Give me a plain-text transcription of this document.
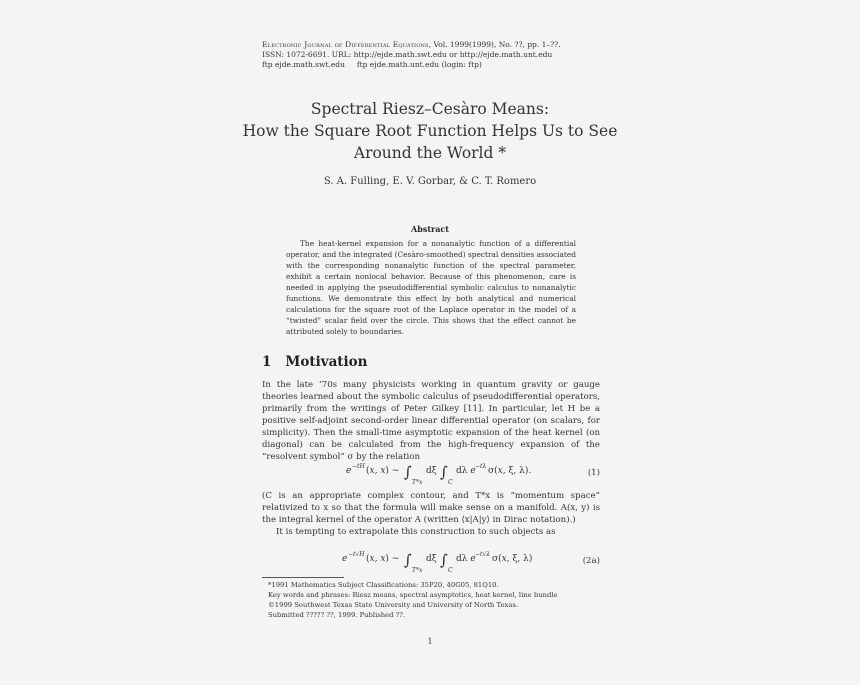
Electronic Journal of Differential Equations, Vol. 1999(1999), No. ??, pp. 1–??.
ISSN: 1072-6691. URL: http://ejde.math.swt.edu or http://ejde.math.unt.edu
ftp ejde.math.swt.edu     ftp ejde.math.unt.edu (login: ftp)
Spectral Riesz–Cesàro Means:
How the Square Root Function Helps Us to See
Around the World *
S. A. Fulling, E. V. Gorbar, & C. T. Romero
Abstract
The heat-kernel expansion for a nonanalytic function of a differential operator, and the integrated (Cesàro-smoothed) spectral densities associated with the corresponding nonanalytic function of the spectral parameter, exhibit a certain nonlocal behavior. Because of this phenomenon, care is needed in applying the pseudodifferential symbolic calculus to nonanalytic functions. We demonstrate this effect by both analytical and numerical calculations for the square root of the Laplace operator in the model of a “twisted” scalar field over the circle. This shows that the effect cannot be attributed solely to boundaries.
1 Motivation
In the late ’70s many physicists working in quantum gravity or gauge theories learned about the symbolic calculus of pseudodifferential operators, primarily from the writings of Peter Gilkey [11]. In particular, let H be a positive self-adjoint second-order linear differential operator (on scalars, for simplicity). Then the small-time asymptotic expansion of the heat kernel (on diagonal) can be calculated from the high-frequency expansion of the “resolvent symbol” σ by the relation
e −tH (x, x) ∼ ∫
T*x
dξ ∫
C
dλ e −tλ σ(x, ξ, λ).	(1)
(C is an appropriate complex contour, and T*x is “momentum space” relativized to x so that the formula will make sense on a manifold. A(x, y) is the integral kernel of the operator A (written ⟨x|A|y⟩ in Dirac notation).)
It is tempting to extrapolate this construction to such objects as
e −t√H (x, x) ∼ ∫
T*x
dξ ∫
C
dλ e −t√λ σ(x, ξ, λ)	(2a)
*1991 Mathematics Subject Classifications: 35P20, 40G05, 81Q10.
Key words and phrases: Riesz means, spectral asymptotics, heat kernel, line bundle
©1999 Southwest Texas State University and University of North Texas.
Submitted ????? ??, 1999. Published ??.
1
